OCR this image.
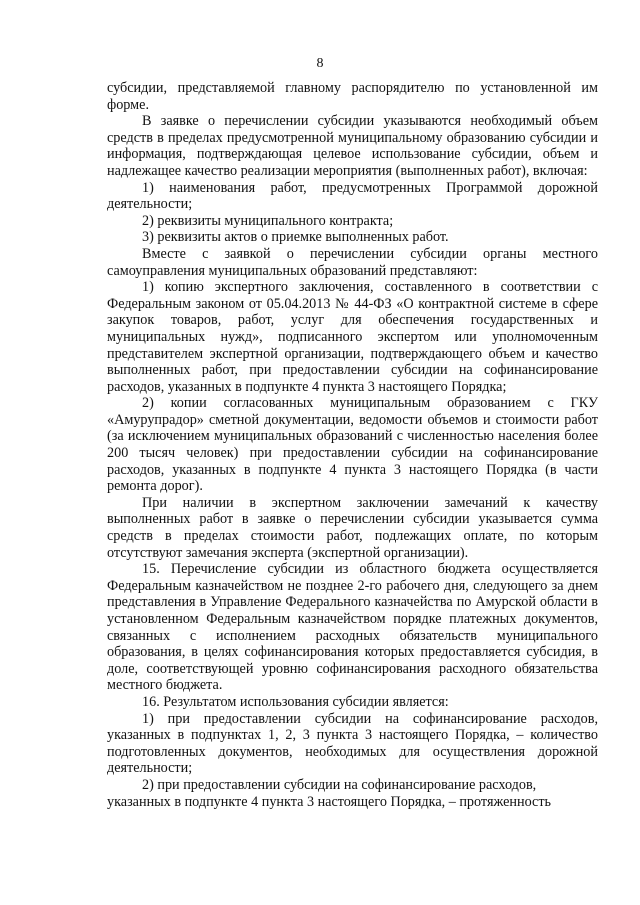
8

субсидии, представляемой главному распорядителю по установленной им форме.

В заявке о перечислении субсидии указываются необходимый объем средств в пределах предусмотренной муниципальному образованию субсидии и информация, подтверждающая целевое использование субсидии, объем и надлежащее качество реализации мероприятия (выполненных работ), включая:

1) наименования работ, предусмотренных Программой дорожной деятельности;

2) реквизиты муниципального контракта;

3) реквизиты актов о приемке выполненных работ.

Вместе с заявкой о перечислении субсидии органы местного самоуправления муниципальных образований представляют:

1) копию экспертного заключения, составленного в соответствии с Федеральным законом от 05.04.2013 № 44-ФЗ «О контрактной системе в сфере закупок товаров, работ, услуг для обеспечения государственных и муниципальных нужд», подписанного экспертом или уполномоченным представителем экспертной организации, подтверждающего объем и качество выполненных работ, при предоставлении субсидии на софинансирование расходов, указанных в подпункте 4 пункта 3 настоящего Порядка;

2) копии согласованных муниципальным образованием с ГКУ «Амурупрадор» сметной документации, ведомости объемов и стоимости работ (за исключением муниципальных образований с численностью населения более 200 тысяч человек) при предоставлении субсидии на софинансирование расходов, указанных в подпункте 4 пункта 3 настоящего Порядка (в части ремонта дорог).

При наличии в экспертном заключении замечаний к качеству выполненных работ в заявке о перечислении субсидии указывается сумма средств в пределах стоимости работ, подлежащих оплате, по которым отсутствуют замечания эксперта (экспертной организации).

15. Перечисление субсидии из областного бюджета осуществляется Федеральным казначейством не позднее 2-го рабочего дня, следующего за днем представления в Управление Федерального казначейства по Амурской области в установленном Федеральным казначейством порядке платежных документов, связанных с исполнением расходных обязательств муниципального образования, в целях софинансирования которых предоставляется субсидия, в доле, соответствующей уровню софинансирования расходного обязательства местного бюджета.

16. Результатом использования субсидии является:

1) при предоставлении субсидии на софинансирование расходов, указанных в подпунктах 1, 2, 3 пункта 3 настоящего Порядка, – количество подготовленных документов, необходимых для осуществления дорожной деятельности;

2) при предоставлении субсидии на софинансирование расходов, указанных в подпункте 4 пункта 3 настоящего Порядка, – протяженность
